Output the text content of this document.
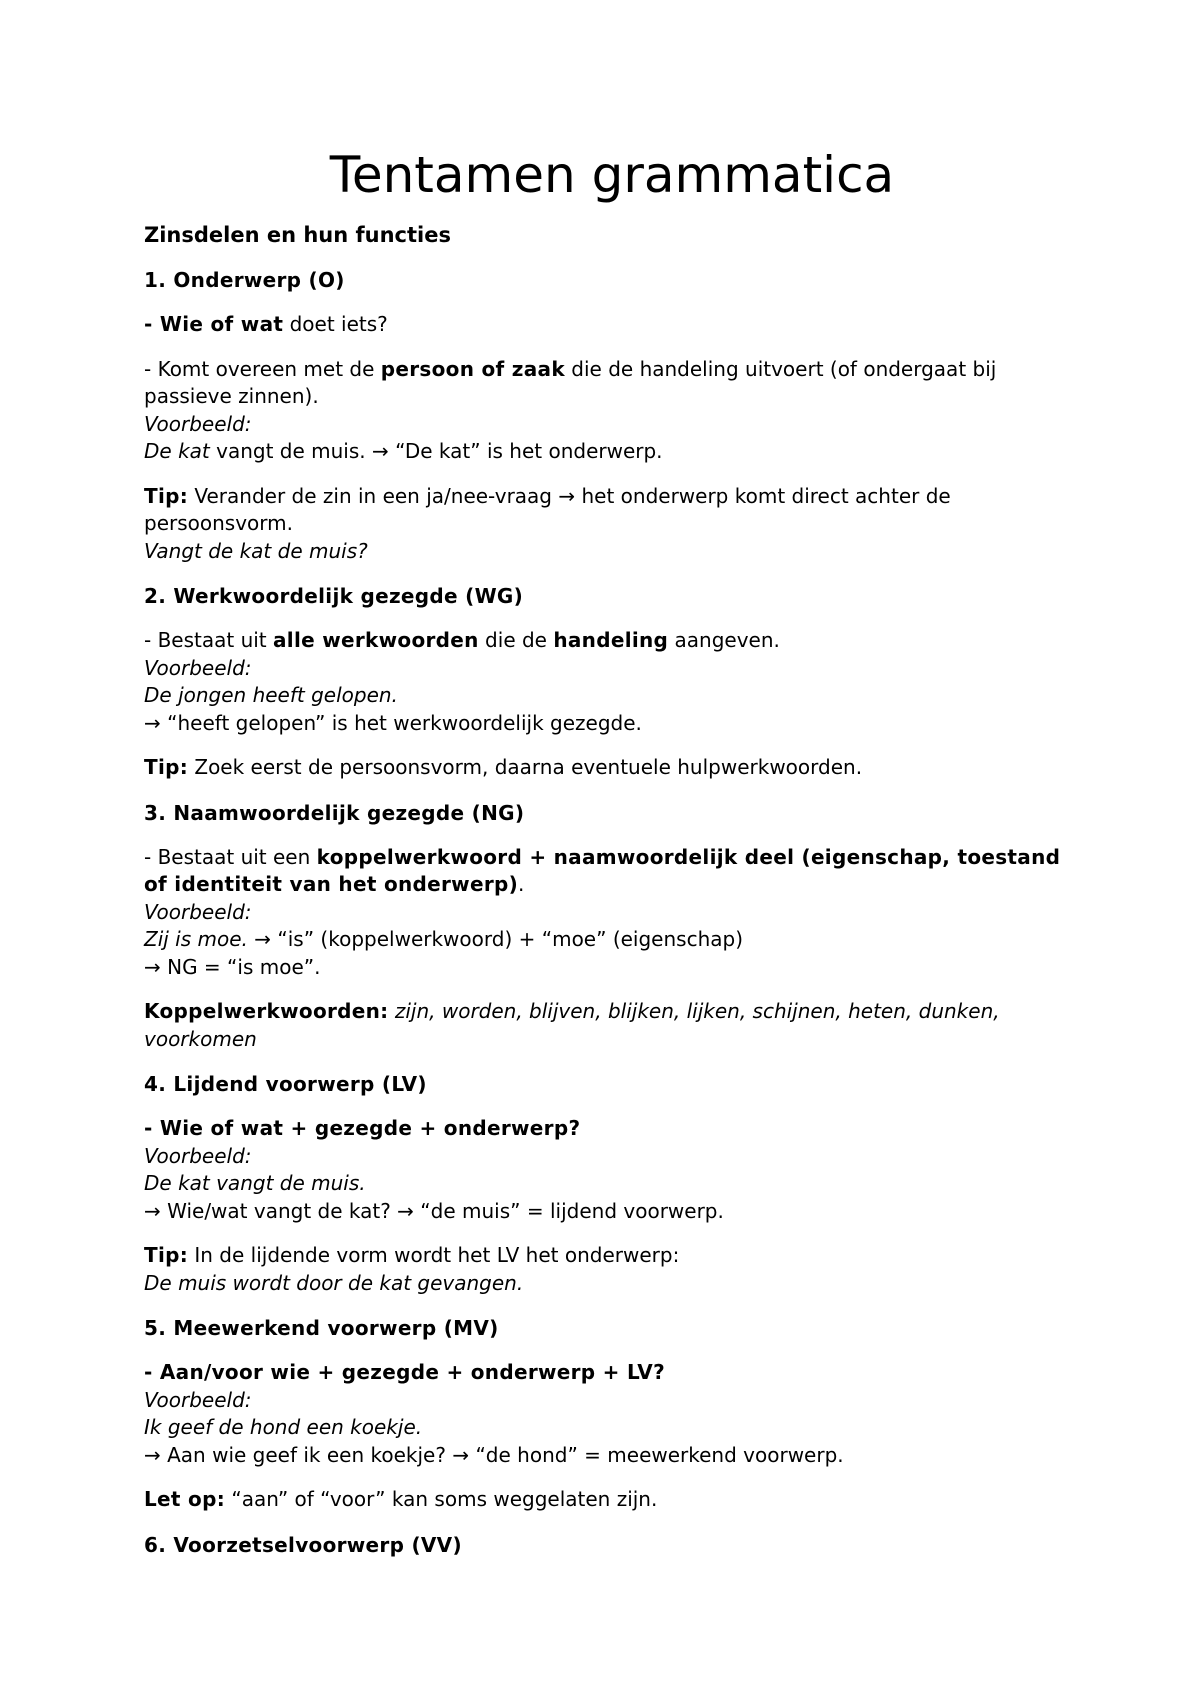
Tentamen grammatica
Zinsdelen en hun functies
1. Onderwerp (O)

- Wie of wat doet iets?

- Komt overeen met de persoon of zaak die de handeling uitvoert (of ondergaat bij passieve zinnen).
Voorbeeld:
De kat vangt de muis. → “De kat” is het onderwerp.

Tip: Verander de zin in een ja/nee-vraag → het onderwerp komt direct achter de persoonsvorm.
Vangt de kat de muis?

2. Werkwoordelijk gezegde (WG)

- Bestaat uit alle werkwoorden die de handeling aangeven.
Voorbeeld:
De jongen heeft gelopen.
→ “heeft gelopen” is het werkwoordelijk gezegde.

Tip: Zoek eerst de persoonsvorm, daarna eventuele hulpwerkwoorden.

3. Naamwoordelijk gezegde (NG)

- Bestaat uit een koppelwerkwoord + naamwoordelijk deel (eigenschap, toestand of identiteit van het onderwerp).
Voorbeeld:
Zij is moe. → “is” (koppelwerkwoord) + “moe” (eigenschap)
→ NG = “is moe”.

Koppelwerkwoorden: zijn, worden, blijven, blijken, lijken, schijnen, heten, dunken, voorkomen

4. Lijdend voorwerp (LV)

- Wie of wat + gezegde + onderwerp?
Voorbeeld:
De kat vangt de muis.
→ Wie/wat vangt de kat? → “de muis” = lijdend voorwerp.

Tip: In de lijdende vorm wordt het LV het onderwerp:
De muis wordt door de kat gevangen.

5. Meewerkend voorwerp (MV)

- Aan/voor wie + gezegde + onderwerp + LV?
Voorbeeld:
Ik geef de hond een koekje.
→ Aan wie geef ik een koekje? → “de hond” = meewerkend voorwerp.

Let op: “aan” of “voor” kan soms weggelaten zijn.

6. Voorzetselvoorwerp (VV)
